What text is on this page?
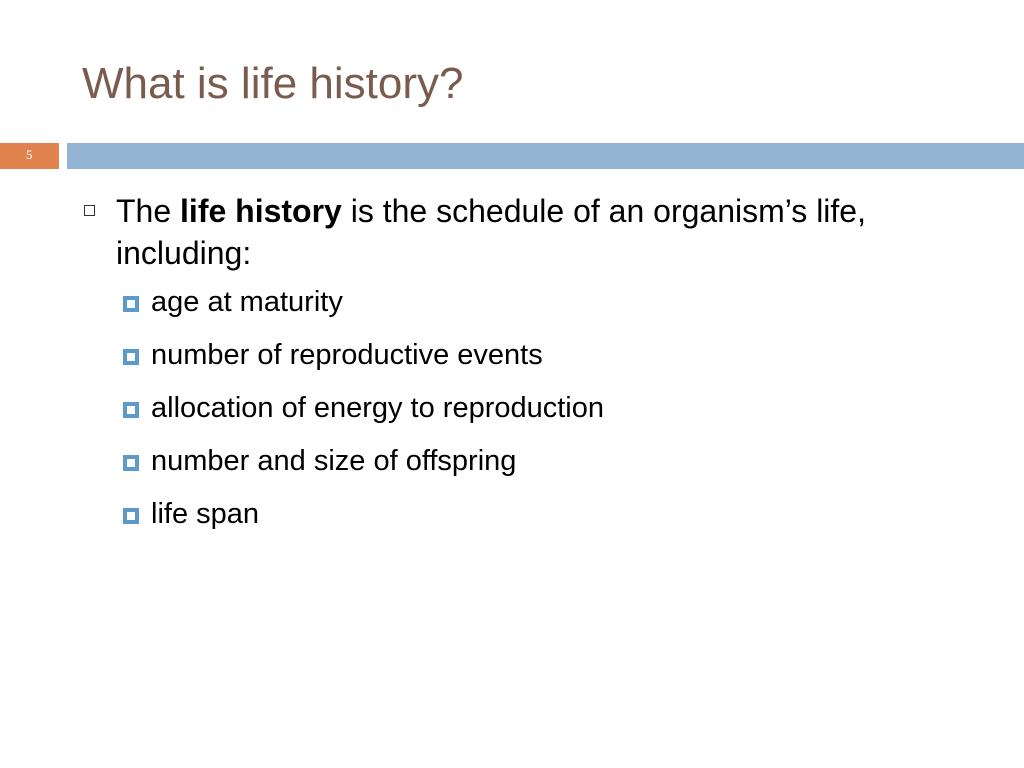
What is life history?
5
The life history is the schedule of an organism’s life, including:
age at maturity
number of reproductive events
allocation of energy to reproduction
number and size of offspring
life span
